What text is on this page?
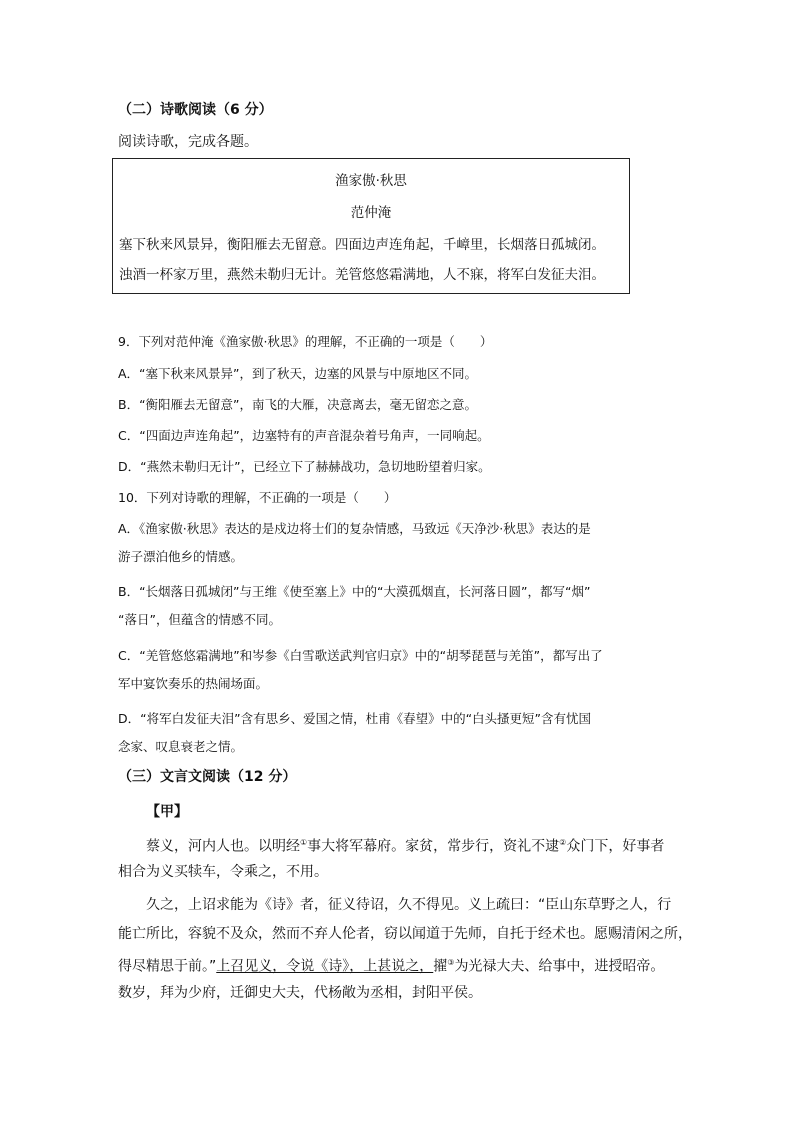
（二）诗歌阅读（6 分）
阅读诗歌，完成各题。
渔家傲·秋思
范仲淹
塞下秋来风景异，衡阳雁去无留意。四面边声连角起，千嶂里，长烟落日孤城闭。
浊酒一杯家万里，燕然未勒归无计。羌管悠悠霜满地，人不寐，将军白发征夫泪。
9．下列对范仲淹《渔家傲·秋思》的理解，不正确的一项是（　　）
A．“塞下秋来风景异”，到了秋天，边塞的风景与中原地区不同。
B．“衡阳雁去无留意”，南飞的大雁，决意离去，毫无留恋之意。
C．“四面边声连角起”，边塞特有的声音混杂着号角声，一同响起。
D．“燕然未勒归无计”，已经立下了赫赫战功，急切地盼望着归家。
10．下列对诗歌的理解，不正确的一项是（　　）
A．《渔家傲·秋思》表达的是戍边将士们的复杂情感，马致远《天净沙·秋思》表达的是
游子漂泊他乡的情感。
B．“长烟落日孤城闭”与王维《使至塞上》中的“大漠孤烟直，长河落日圆”，都写“烟”
“落日”，但蕴含的情感不同。
C．“羌管悠悠霜满地”和岑参《白雪歌送武判官归京》中的“胡琴琵琶与羌笛”，都写出了
军中宴饮奏乐的热闹场面。
D．“将军白发征夫泪”含有思乡、爱国之情，杜甫《春望》中的“白头搔更短”含有忧国
念家、叹息衰老之情。
（三）文言文阅读（12 分）
【甲】
蔡义，河内人也。以明经①事大将军幕府。家贫，常步行，资礼不逮②众门下，好事者
相合为义买犊车，令乘之，不用。
久之，上诏求能为《诗》者，征义待诏，久不得见。义上疏曰：“臣山东草野之人，行
能亡所比，容貌不及众，然而不弃人伦者，窃以闻道于先师，自托于经术也。愿赐清闲之所，
得尽精思于前。”上召见义，令说《诗》，上甚说之，擢③为光禄大夫、给事中，进授昭帝。
数岁，拜为少府，迁御史大夫，代杨敞为丞相，封阳平侯。
